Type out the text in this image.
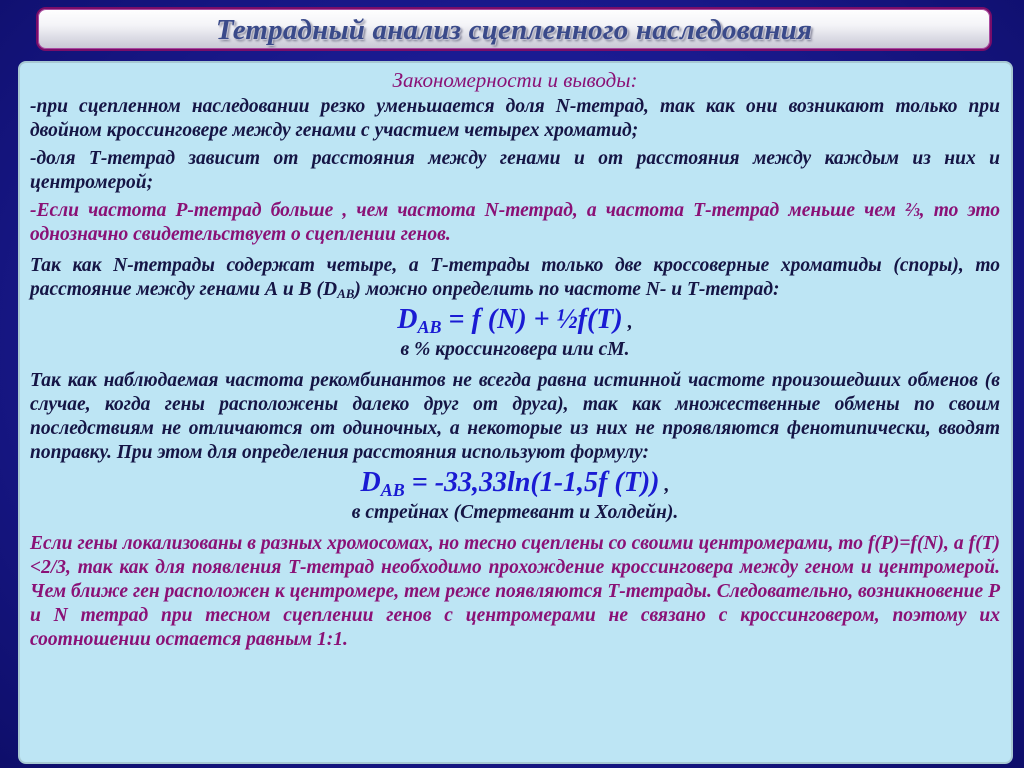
Тетрадный анализ сцепленного наследования

Закономерности и выводы:

-при сцепленном наследовании резко уменьшается доля N-тетрад, так как они возникают только при двойном кроссинговере между генами с участием четырех хроматид;

-доля Т-тетрад зависит от расстояния между генами и от расстояния между каждым из них и центромерой;

-Если частота Р-тетрад больше , чем частота N-тетрад, а частота Т-тетрад меньше чем ⅔, то это однозначно свидетельствует о сцеплении генов.

Так как N-тетрады содержат четыре, а Т-тетрады только две кроссоверные хроматиды (споры), то расстояние между генами А и В $(D_{AB})$ можно определить по частоте N- и Т-тетрад:

$D_{AB} = f$ (N) + ½f(T) ,

в % кроссинговера или сМ.

Так как наблюдаемая частота рекомбинантов не всегда равна истинной частоте произошедших обменов (в случае, когда гены расположены далеко друг от друга), так как множественные обмены по своим последствиям не отличаются от одиночных, а некоторые из них не проявляются фенотипически, вводят поправку. При этом для определения расстояния используют формулу:

$D_{AB} = -33,33\ln(1-1,5f$ (T)) ,

в стрейнах (Стертевант и Холдейн).

Если гены локализованы в разных хромосомах, но тесно сцеплены со своими центромерами, то f(P)=f(N), а f(T)<2/3, так как для появления Т-тетрад необходимо прохождение кроссинговера между геном и центромерой. Чем ближе ген расположен к центромере, тем реже появляются Т-тетрады. Следовательно, возникновение Р и N тетрад при тесном сцеплении генов с центромерами не связано с кроссинговером, поэтому их соотношении остается равным 1:1.
